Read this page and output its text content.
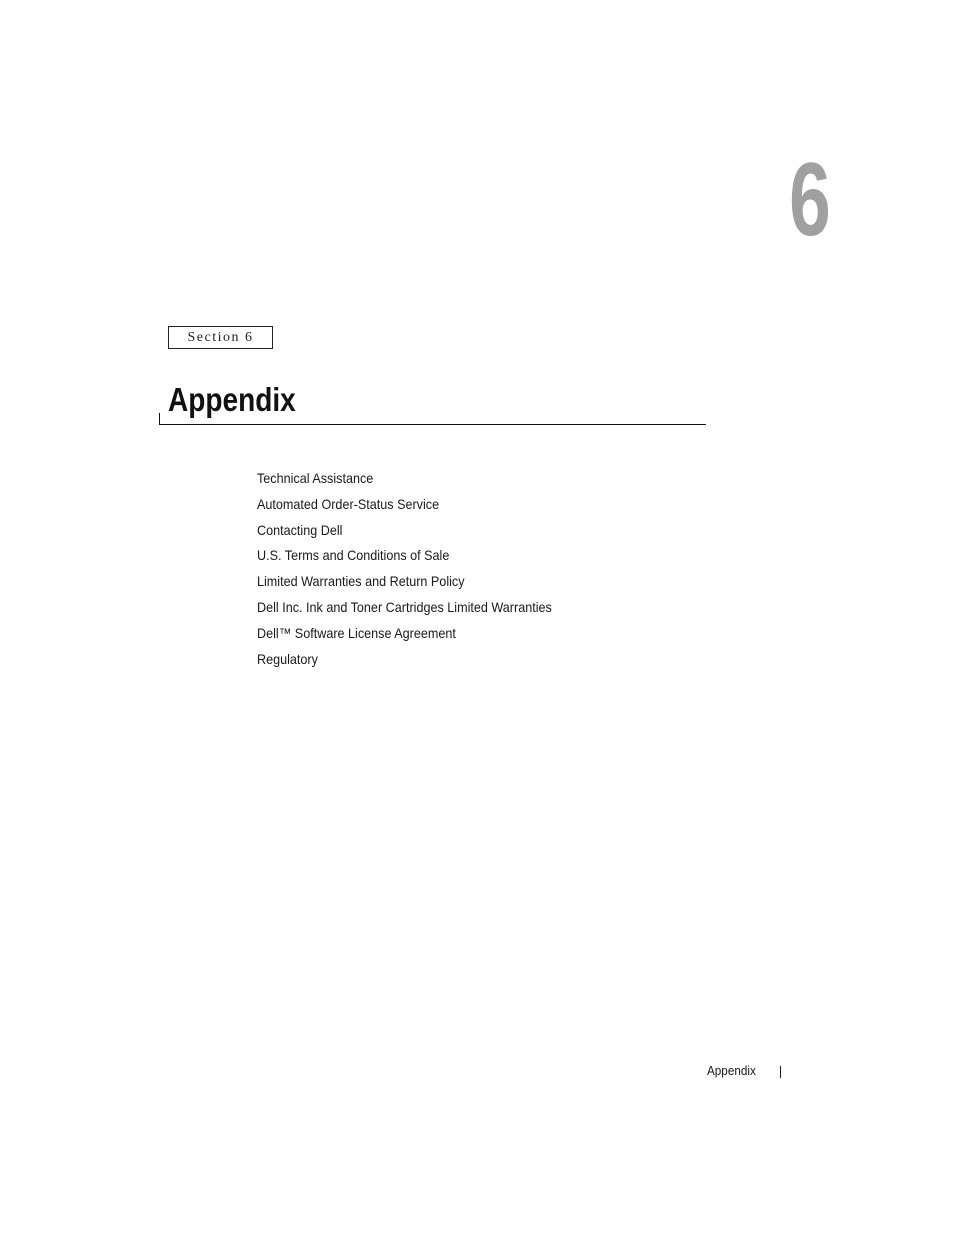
6
Section 6
Appendix
Technical Assistance
Automated Order-Status Service
Contacting Dell
U.S. Terms and Conditions of Sale
Limited Warranties and Return Policy
Dell Inc. Ink and Toner Cartridges Limited Warranties
Dell™ Software License Agreement
Regulatory
Appendix
